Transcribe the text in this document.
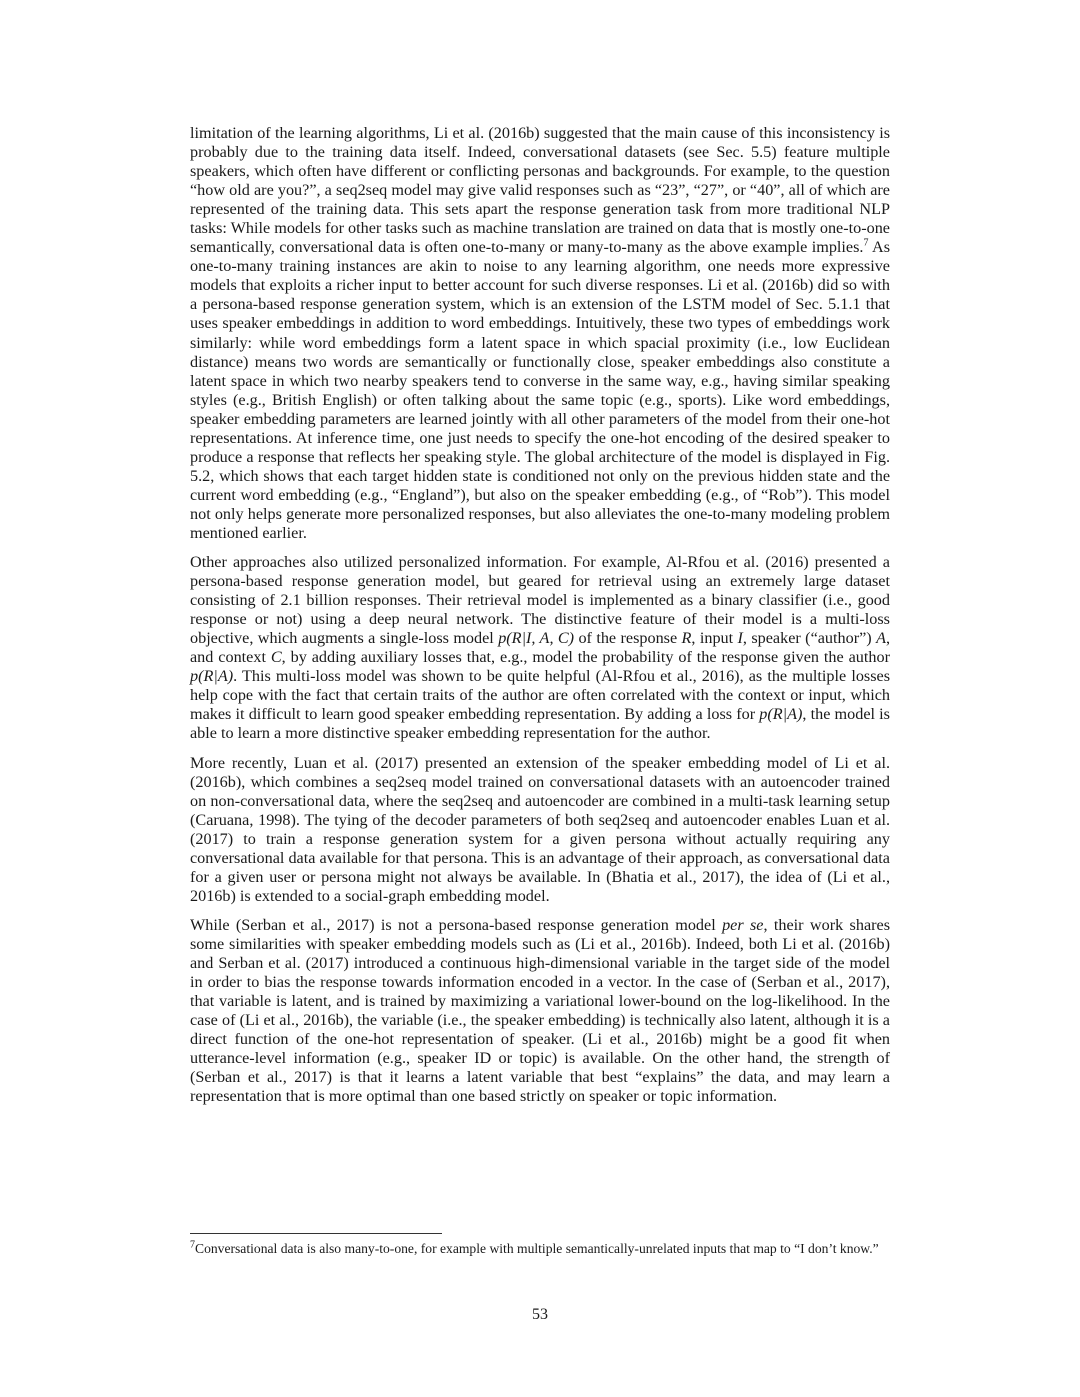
limitation of the learning algorithms, Li et al. (2016b) suggested that the main cause of this inconsistency is probably due to the training data itself. Indeed, conversational datasets (see Sec. 5.5) feature multiple speakers, which often have different or conflicting personas and backgrounds. For example, to the question “how old are you?”, a seq2seq model may give valid responses such as “23”, “27”, or “40”, all of which are represented of the training data. This sets apart the response generation task from more traditional NLP tasks: While models for other tasks such as machine translation are trained on data that is mostly one-to-one semantically, conversational data is often one-to-many or many-to-many as the above example implies.$^7$ As one-to-many training instances are akin to noise to any learning algorithm, one needs more expressive models that exploits a richer input to better account for such diverse responses. Li et al. (2016b) did so with a persona-based response generation system, which is an extension of the LSTM model of Sec. 5.1.1 that uses speaker embeddings in addition to word embeddings. Intuitively, these two types of embeddings work similarly: while word embeddings form a latent space in which spacial proximity (i.e., low Euclidean distance) means two words are semantically or functionally close, speaker embeddings also constitute a latent space in which two nearby speakers tend to converse in the same way, e.g., having similar speaking styles (e.g., British English) or often talking about the same topic (e.g., sports). Like word embeddings, speaker embedding parameters are learned jointly with all other parameters of the model from their one-hot representations. At inference time, one just needs to specify the one-hot encoding of the desired speaker to produce a response that reflects her speaking style. The global architecture of the model is displayed in Fig. 5.2, which shows that each target hidden state is conditioned not only on the previous hidden state and the current word embedding (e.g., “England”), but also on the speaker embedding (e.g., of “Rob”). This model not only helps generate more personalized responses, but also alleviates the one-to-many modeling problem mentioned earlier.

Other approaches also utilized personalized information. For example, Al-Rfou et al. (2016) presented a persona-based response generation model, but geared for retrieval using an extremely large dataset consisting of 2.1 billion responses. Their retrieval model is implemented as a binary classifier (i.e., good response or not) using a deep neural network. The distinctive feature of their model is a multi-loss objective, which augments a single-loss model p(R|I, A, C) of the response R, input I, speaker (“author”) A, and context C, by adding auxiliary losses that, e.g., model the probability of the response given the author p(R|A). This multi-loss model was shown to be quite helpful (Al-Rfou et al., 2016), as the multiple losses help cope with the fact that certain traits of the author are often correlated with the context or input, which makes it difficult to learn good speaker embedding representation. By adding a loss for p(R|A), the model is able to learn a more distinctive speaker embedding representation for the author.

More recently, Luan et al. (2017) presented an extension of the speaker embedding model of Li et al. (2016b), which combines a seq2seq model trained on conversational datasets with an autoencoder trained on non-conversational data, where the seq2seq and autoencoder are combined in a multi-task learning setup (Caruana, 1998). The tying of the decoder parameters of both seq2seq and autoencoder enables Luan et al. (2017) to train a response generation system for a given persona without actually requiring any conversational data available for that persona. This is an advantage of their approach, as conversational data for a given user or persona might not always be available. In (Bhatia et al., 2017), the idea of (Li et al., 2016b) is extended to a social-graph embedding model.

While (Serban et al., 2017) is not a persona-based response generation model per se, their work shares some similarities with speaker embedding models such as (Li et al., 2016b). Indeed, both Li et al. (2016b) and Serban et al. (2017) introduced a continuous high-dimensional variable in the target side of the model in order to bias the response towards information encoded in a vector. In the case of (Serban et al., 2017), that variable is latent, and is trained by maximizing a variational lower-bound on the log-likelihood. In the case of (Li et al., 2016b), the variable (i.e., the speaker embedding) is technically also latent, although it is a direct function of the one-hot representation of speaker. (Li et al., 2016b) might be a good fit when utterance-level information (e.g., speaker ID or topic) is available. On the other hand, the strength of (Serban et al., 2017) is that it learns a latent variable that best “explains” the data, and may learn a representation that is more optimal than one based strictly on speaker or topic information.

$^7$Conversational data is also many-to-one, for example with multiple semantically-unrelated inputs that map to “I don’t know.”
53
